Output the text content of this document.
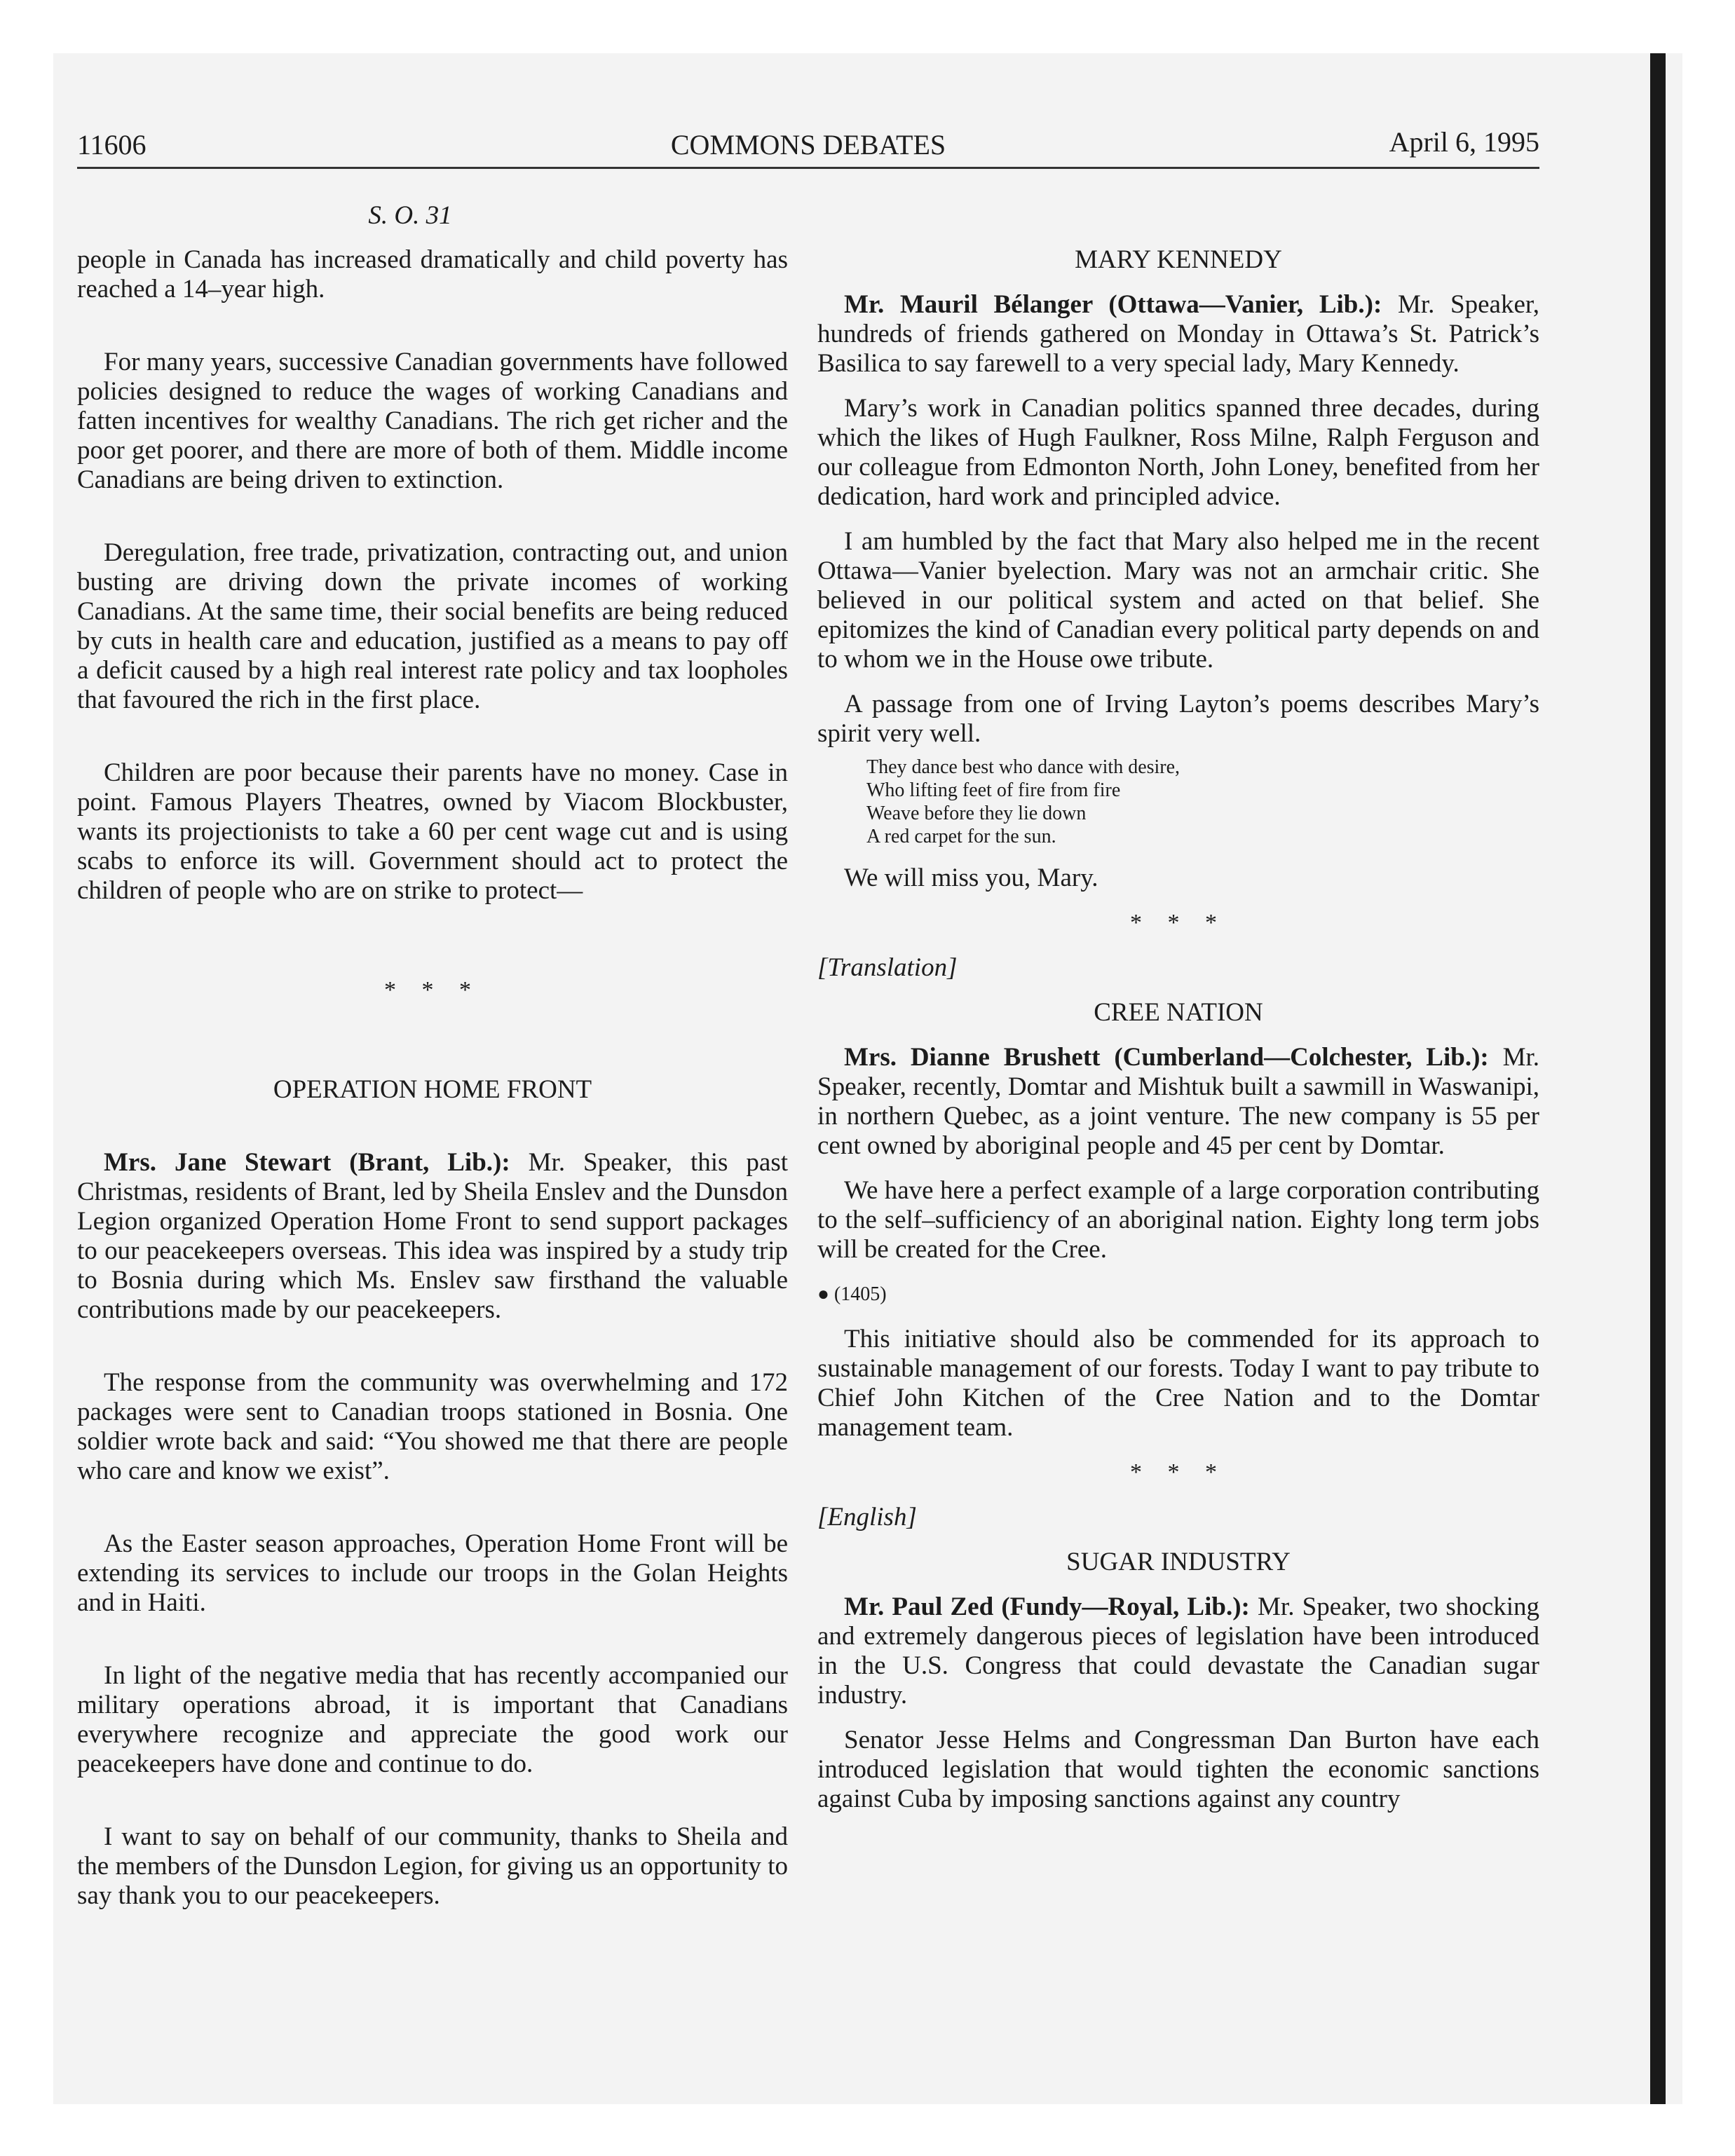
11606	COMMONS DEBATES	April 6, 1995
S. O. 31

people in Canada has increased dramatically and child poverty has reached a 14–year high.

For many years, successive Canadian governments have followed policies designed to reduce the wages of working Canadians and fatten incentives for wealthy Canadians. The rich get richer and the poor get poorer, and there are more of both of them. Middle income Canadians are being driven to extinction.

Deregulation, free trade, privatization, contracting out, and union busting are driving down the private incomes of working Canadians. At the same time, their social benefits are being reduced by cuts in health care and education, justified as a means to pay off a deficit caused by a high real interest rate policy and tax loopholes that favoured the rich in the first place.

Children are poor because their parents have no money. Case in point. Famous Players Theatres, owned by Viacom Blockbuster, wants its projectionists to take a 60 per cent wage cut and is using scabs to enforce its will. Government should act to protect the children of people who are on strike to protect—

* * *

OPERATION HOME FRONT

Mrs. Jane Stewart (Brant, Lib.): Mr. Speaker, this past Christmas, residents of Brant, led by Sheila Enslev and the Dunsdon Legion organized Operation Home Front to send support packages to our peacekeepers overseas. This idea was inspired by a study trip to Bosnia during which Ms. Enslev saw firsthand the valuable contributions made by our peacekeepers.

The response from the community was overwhelming and 172 packages were sent to Canadian troops stationed in Bosnia. One soldier wrote back and said: “You showed me that there are people who care and know we exist”.

As the Easter season approaches, Operation Home Front will be extending its services to include our troops in the Golan Heights and in Haiti.

In light of the negative media that has recently accompanied our military operations abroad, it is important that Canadians everywhere recognize and appreciate the good work our peacekeepers have done and continue to do.

I want to say on behalf of our community, thanks to Sheila and the members of the Dunsdon Legion, for giving us an opportunity to say thank you to our peacekeepers.

MARY KENNEDY

Mr. Mauril Bélanger (Ottawa—Vanier, Lib.): Mr. Speaker, hundreds of friends gathered on Monday in Ottawa’s St. Patrick’s Basilica to say farewell to a very special lady, Mary Kennedy.

Mary’s work in Canadian politics spanned three decades, during which the likes of Hugh Faulkner, Ross Milne, Ralph Ferguson and our colleague from Edmonton North, John Loney, benefited from her dedication, hard work and principled advice.

I am humbled by the fact that Mary also helped me in the recent Ottawa—Vanier byelection. Mary was not an armchair critic. She believed in our political system and acted on that belief. She epitomizes the kind of Canadian every political party depends on and to whom we in the House owe tribute.

A passage from one of Irving Layton’s poems describes Mary’s spirit very well.

They dance best who dance with desire,
Who lifting feet of fire from fire
Weave before they lie down
A red carpet for the sun.

We will miss you, Mary.

* * *

[Translation]

CREE NATION

Mrs. Dianne Brushett (Cumberland—Colchester, Lib.): Mr. Speaker, recently, Domtar and Mishtuk built a sawmill in Waswanipi, in northern Quebec, as a joint venture. The new company is 55 per cent owned by aboriginal people and 45 per cent by Domtar.

We have here a perfect example of a large corporation contributing to the self–sufficiency of an aboriginal nation. Eighty long term jobs will be created for the Cree.

● (1405)

This initiative should also be commended for its approach to sustainable management of our forests. Today I want to pay tribute to Chief John Kitchen of the Cree Nation and to the Domtar management team.

* * *

[English]

SUGAR INDUSTRY

Mr. Paul Zed (Fundy—Royal, Lib.): Mr. Speaker, two shocking and extremely dangerous pieces of legislation have been introduced in the U.S. Congress that could devastate the Canadian sugar industry.

Senator Jesse Helms and Congressman Dan Burton have each introduced legislation that would tighten the economic sanctions against Cuba by imposing sanctions against any country
